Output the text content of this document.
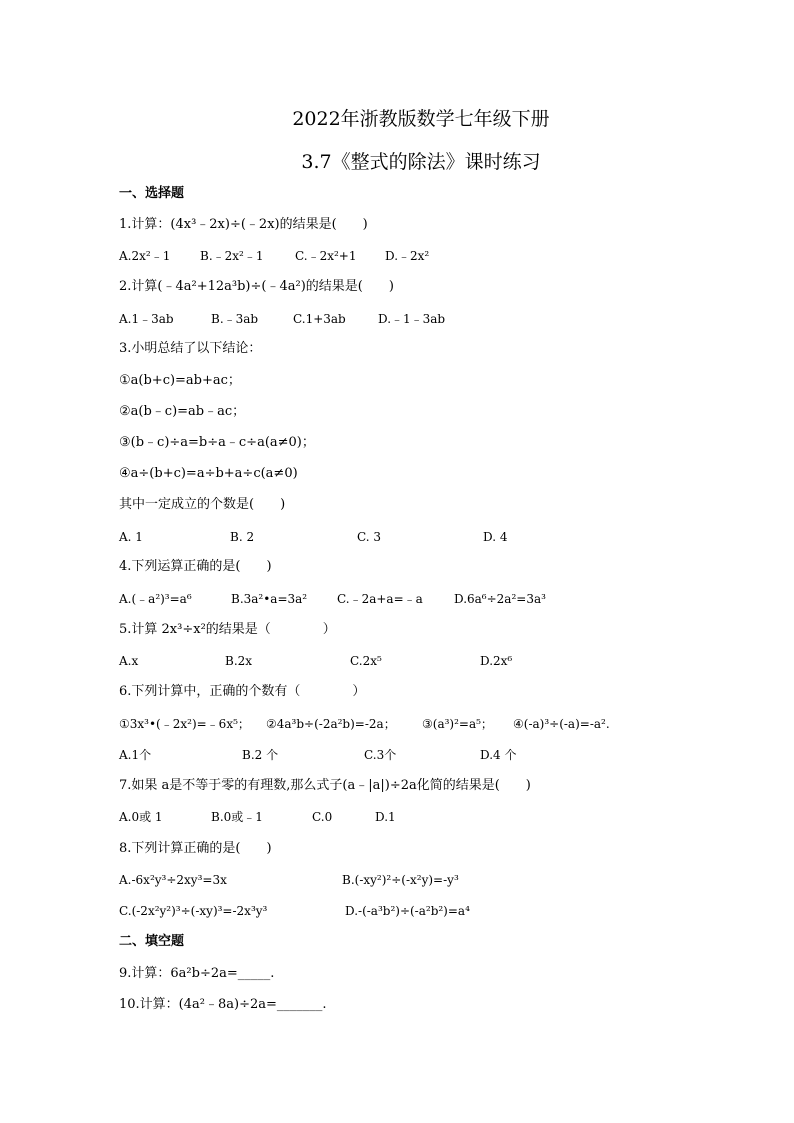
2022年浙教版数学七年级下册
3.7《整式的除法》课时练习
一、选择题
1.计算：(4x³﹣2x)÷(﹣2x)的结果是(　　)
A.2x²﹣1 B.﹣2x²﹣1	C.﹣2x²+1 D.﹣2x²
2.计算(﹣4a²+12a³b)÷(﹣4a²)的结果是(　　)
A.1﹣3ab	B.﹣3ab	C.1+3ab	D.﹣1﹣3ab
3.小明总结了以下结论：
①a(b+c)=ab+ac；
②a(b﹣c)=ab﹣ac；
③(b﹣c)÷a=b÷a﹣c÷a(a≠0)；
④a÷(b+c)=a÷b+a÷c(a≠0)
其中一定成立的个数是(　　)
A. 1	B. 2	C. 3	D. 4
4.下列运算正确的是(　　)
A.(﹣a²)³=a⁶	B.3a²•a=3a² C.﹣2a+a=﹣a	D.6a⁶÷2a²=3a³
5.计算 2x³÷x²的结果是（　　　　）
A.x	B.2x	C.2x⁵	D.2x⁶
6.下列计算中，正确的个数有（　　　　）
①3x³•(﹣2x²)=﹣6x⁵； ②4a³b÷(-2a²b)=-2a； ③(a³)²=a⁵； ④(-a)³÷(-a)=-a².
A.1个	B.2 个	C.3个	D.4 个
7.如果 a是不等于零的有理数,那么式子(a﹣|a|)÷2a化简的结果是(　　)
A.0或 1	B.0或﹣1	C.0	D.1
8.下列计算正确的是(　　)
A.-6x²y³÷2xy³=3x	B.(-xy²)²÷(-x²y)=-y³
C.(-2x²y²)³÷(-xy)³=-2x³y³	D.-(-a³b²)÷(-a²b²)=a⁴
二、填空题
9.计算：6a²b÷2a=_____.
10.计算：(4a²﹣8a)÷2a=_______.
